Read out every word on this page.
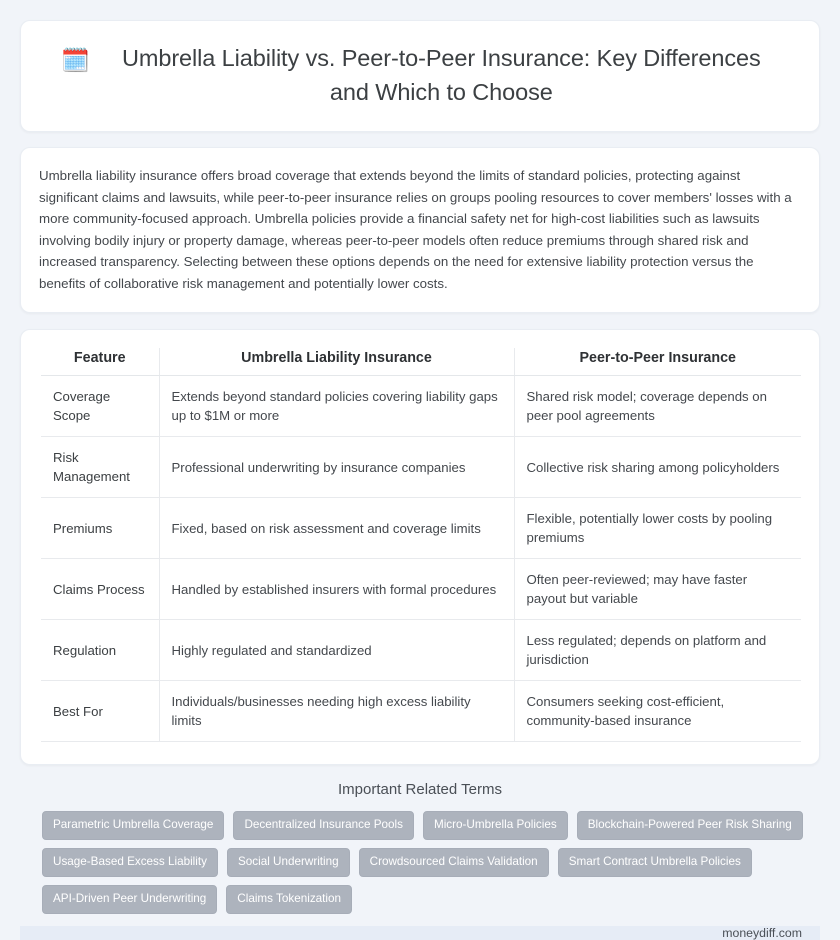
🗓️	Umbrella Liability vs. Peer-to-Peer Insurance: Key Differences and Which to Choose

Umbrella liability insurance offers broad coverage that extends beyond the limits of standard policies, protecting against significant claims and lawsuits, while peer-to-peer insurance relies on groups pooling resources to cover members' losses with a more community-focused approach. Umbrella policies provide a financial safety net for high-cost liabilities such as lawsuits involving bodily injury or property damage, whereas peer-to-peer models often reduce premiums through shared risk and increased transparency. Selecting between these options depends on the need for extensive liability protection versus the benefits of collaborative risk management and potentially lower costs.

Feature	Umbrella Liability Insurance	Peer-to-Peer Insurance
Coverage Scope	Extends beyond standard policies covering liability gaps up to $1M or more	Shared risk model; coverage depends on peer pool agreements
Risk Management	Professional underwriting by insurance companies	Collective risk sharing among policyholders
Premiums	Fixed, based on risk assessment and coverage limits	Flexible, potentially lower costs by pooling premiums
Claims Process	Handled by established insurers with formal procedures	Often peer-reviewed; may have faster payout but variable
Regulation	Highly regulated and standardized	Less regulated; depends on platform and jurisdiction
Best For	Individuals/businesses needing high excess liability limits	Consumers seeking cost-efficient, community-based insurance
Important Related Terms
Parametric Umbrella Coverage	Decentralized Insurance Pools	Micro-Umbrella Policies	Blockchain-Powered Peer Risk Sharing
Usage-Based Excess Liability	Social Underwriting	Crowdsourced Claims Validation	Smart Contract Umbrella Policies
API-Driven Peer Underwriting	Claims Tokenization
moneydiff.com
